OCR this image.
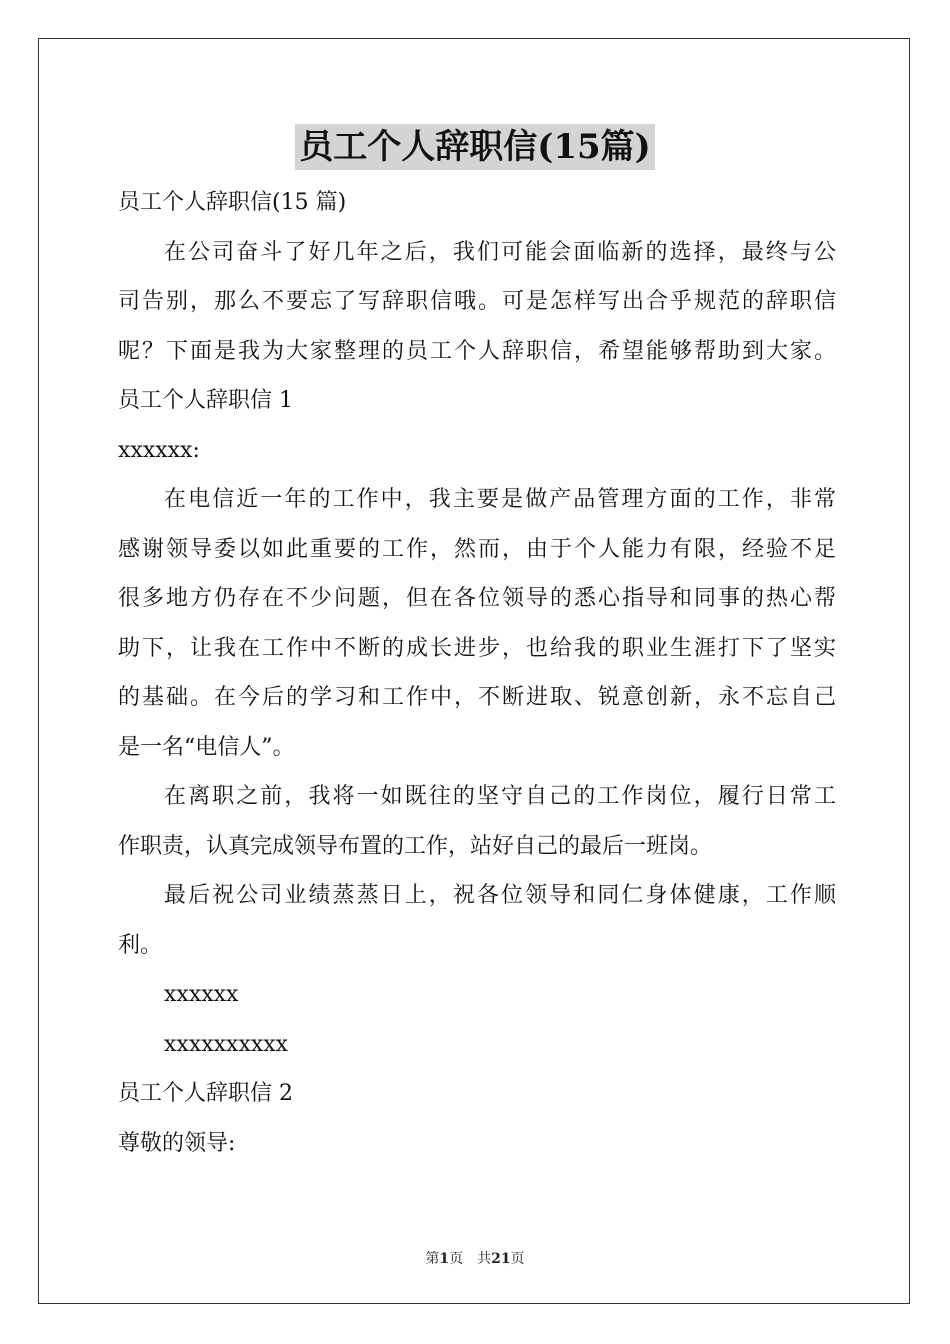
员工个人辞职信(15篇)
员工个人辞职信(15 篇)
在公司奋斗了好几年之后，我们可能会面临新的选择，最终与公
司告别，那么不要忘了写辞职信哦。可是怎样写出合乎规范的辞职信
呢？下面是我为大家整理的员工个人辞职信，希望能够帮助到大家。
员工个人辞职信 1
xxxxxx:
在电信近一年的工作中，我主要是做产品管理方面的工作，非常
感谢领导委以如此重要的工作，然而，由于个人能力有限，经验不足
很多地方仍存在不少问题，但在各位领导的悉心指导和同事的热心帮
助下，让我在工作中不断的成长进步，也给我的职业生涯打下了坚实
的基础。在今后的学习和工作中，不断进取、锐意创新，永不忘自己
是一名“电信人”。
在离职之前，我将一如既往的坚守自己的工作岗位，履行日常工
作职责，认真完成领导布置的工作，站好自己的最后一班岗。
最后祝公司业绩蒸蒸日上，祝各位领导和同仁身体健康，工作顺
利。
xxxxxx
xxxxxxxxxx
员工个人辞职信 2
尊敬的领导:
第1页　共21页
